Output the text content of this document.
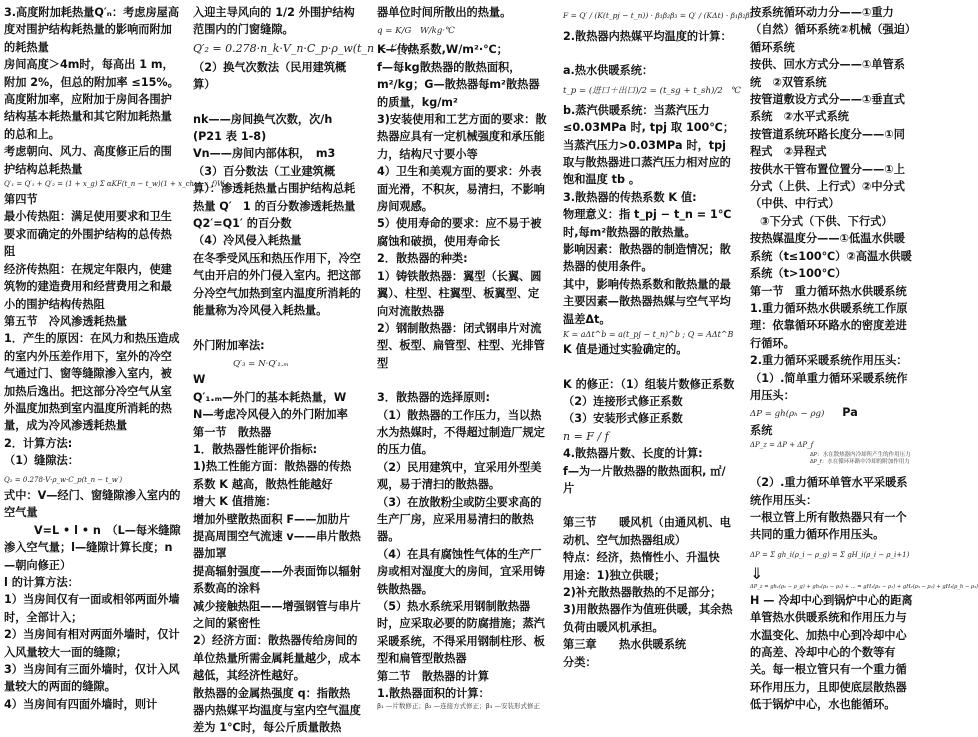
3.高度附加耗热量Q′ₙ：考虑房屋高度对围护结构耗热量的影响而附加的耗热量

房间高度＞4m时，每高出 1 m，附加 2%，但总的附加率 ≤15%。

高度附加率，应附加于房间各围护结构基本耗热量和其它附加耗热量的总和上。

考虑朝向、风力、高度修正后的围护结构总耗热量

Q′₁ = Q′₁ + Q′₂ = (1 + x_g) Σ αKF(t_n − t_w)(1 + x_ch + x_f)W

第四节

最小传热阻：满足使用要求和卫生要求而确定的外围护结构的总传热阻

经济传热阻：在规定年限内，使建筑物的建造费用和经营费用之和最小的围护结构传热阻

第五节　冷风渗透耗热量

1．产生的原因：在风力和热压造成的室内外压差作用下，室外的冷空气通过门、窗等缝隙渗入室内，被加热后逸出。把这部分冷空气从室外温度加热到室内温度所消耗的热量，成为冷风渗透耗热量

2．计算方法:

（1）缝隙法：Q₂ = 0.278·V·ρ_w·C_p(t_n − t_w′)

式中：V—经门、窗缝隙渗入室内的空气量

V=L • l • n　（L—每米缝隙渗入空气量；l—缝隙计算长度；n—朝向修正）

l 的计算方法：

1）当房间仅有一面或相邻两面外墙时，全部计入；

2）当房间有相对两面外墙时，仅计入风量较大一面的缝隙；

3）当房间有三面外墙时，仅计入风量较大的两面的缝隙。

4）当房间有四面外墙时，则计

入迎主导风向的 1/2 外围护结构范围内的门窗缝隙。

Q′₂ = 0.278·n_k·V_n·C_p·ρ_w(t_n − t′_w)

（2）换气次数法（民用建筑概算）

nk——房间换气次数，次/h (P21 表 1-8)

Vn——房间内部体积，　m3

（3）百分数法（工业建筑概算）：渗透耗热量占围护结构总耗热量 Q′　1 的百分数渗透耗热量

Q2′=Q1′ 的百分数

（4）冷风侵入耗热量

在冬季受风压和热压作用下，冷空气由开启的外门侵入室内。把这部分冷空气加热到室内温度所消耗的能量称为冷风侵入耗热量。

外门附加率法: Q′₃ = N·Q′₁.ₘ

W

Q′₁.ₘ—外门的基本耗热量，W

N—考虑冷风侵入的外门附加率

第一节　散热器

1．散热器性能评价指标:

1)热工性能方面：散热器的传热系数 K 越高，散热性能越好

增大 K 值措施：

增加外壁散热面积 F——加肋片

提高周围空气流速 v——串片散热器加罩

提高辐射强度——外表面饰以辐射系数高的涂料

减少接触热阻——增强钢管与串片之间的紧密性

2）经济方面：散热器传给房间的单位热量所需金属耗量越少，成本越低，其经济性越好。

散热器的金属热强度 q：指散热器内热媒平均温度与室内空气温度差为 1℃时，每公斤质量散热

器单位时间所散出的热量。

q = K/G　W/kg·℃

K—传热系数,W/m²·℃；

f—每kg散热器的散热面积，m²/kg；G—散热器每m²散热器的质量，kg/m²

3)安装使用和工艺方面的要求：散热器应具有一定机械强度和承压能力，结构尺寸要小等

4）卫生和美观方面的要求：外表面光滑，不积灰，易清扫，不影响房间观感。

5）使用寿命的要求：应不易于被腐蚀和破损，使用寿命长

2．散热器的种类:

1）铸铁散热器：翼型（长翼、圆翼）、柱型、柱翼型、板翼型、定向对流散热器

2）钢制散热器：闭式钢串片对流型、板型、扁管型、柱型、光排管型

3．散热器的选择原则:

（1）散热器的工作压力，当以热水为热媒时，不得超过制造厂规定的压力值。

（2）民用建筑中，宜采用外型美观，易于清扫的散热器。

（3）在放散粉尘或防尘要求高的生产厂房，应采用易清扫的散热器。

（4）在具有腐蚀性气体的生产厂房或相对湿度大的房间，宜采用铸铁散热器。

（5）热水系统采用钢制散热器时，应采取必要的防腐措施；蒸汽采暖系统，不得采用钢制柱形、板型和扁管型散热器

第二节　散热器的计算

1.散热器面积的计算：

β₁ —片数修正；β₂ —连接方式修正；β₃ —安装形式修正

F = Q′ / (K(t_pj − t_n)) · β₁β₂β₃ = Q′ / (KΔt) · β₁β₂β₃

2.散热器内热媒平均温度的计算：

a.热水供暖系统：

t_p = (进口＋出口)/2 = (t_sg + t_sh)/2　℃

b.蒸汽供暖系统：当蒸汽压力≤0.03MPa 时, tpj 取 100℃；当蒸汽压力>0.03MPa 时，tpj 取与散热器进口蒸汽压力相对应的饱和温度 tb 。

3.散热器的传热系数 K 值:

物理意义：指 t_pj − t_n = 1℃时,每m²散热器的散热量。

影响因素：散热器的制造情况；散热器的使用条件。

其中，影响传热系数和散热量的最主要因素—散热器热媒与空气平均温差Δt。

K = aΔt^b = a(t_pj − t_n)^b ; Q = AΔt^B

K 值是通过实验确定的。

K 的修正：（1）组装片数修正系数（2）连接形式修正系数

（3）安装形式修正系数

n = F / f

4.散热器片数、长度的计算:

f—为一片散热器的散热面积, ㎡/片

第三节　　暖风机（由通风机、电动机、空气加热器组成）

特点：经济，热惰性小、升温快

用途：1)独立供暖；

2)补充散热器散热的不足部分；

3)用散热器作为值班供暖，其余热负荷由暖风机承担。

第三章　　热水供暖系统

分类：

按系统循环动力分——①重力（自然）循环系统②机械（强迫）循环系统

按供、回水方式分——①单管系统　②双管系统

按管道敷设方式分——①垂直式系统　②水平式系统

按管道系统环路长度分——①同程式　②异程式

按供水干管布置位置分——①上分式（上供、上行式）②中分式（中供、中行式）

③下分式（下供、下行式）

按热媒温度分——①低温水供暖系统（t≤100℃）②高温水供暖系统（t>100℃）

第一节　重力循环热水供暖系统

1.重力循环热水供暖系统工作原理：依靠循环环路水的密度差进行循环。

2.重力循环采暖系统作用压头：

（1）.简单重力循环采暖系统作用压头：

ΔP = gh(ρₕ − ρg) Pa

系统

ΔP_z = ΔP + ΔP_f

ΔP：水在散热器内冷却所产生的作用压力

ΔP_f：水在循环环路中冷却的附加作用力

（2）.重力循环单管水平采暖系统作用压头：

一根立管上所有散热器只有一个共同的重力循环作用压头。

ΔP = Σ gh_i(ρ_i − ρ_g) = Σ gH_i(ρ_i − ρ_i+1)

⇓

ΔP_z = gh₁(ρ₂ − ρ_g) + gh₂(ρ₃ − ρ₂) + ... = gH₁(ρ₂ − ρ₁) + gH₂(ρ₃ − ρ₂) + gH₃(ρ_h − ρ₃)

H — 冷却中心到锅炉中心的距离单管热水供暖系统和作用压力与水温变化、加热中心到冷却中心的高差、冷却中心的个数等有关。每一根立管只有一个重力循环作用压力，且即使底层散热器低于锅炉中心，水也能循环。
